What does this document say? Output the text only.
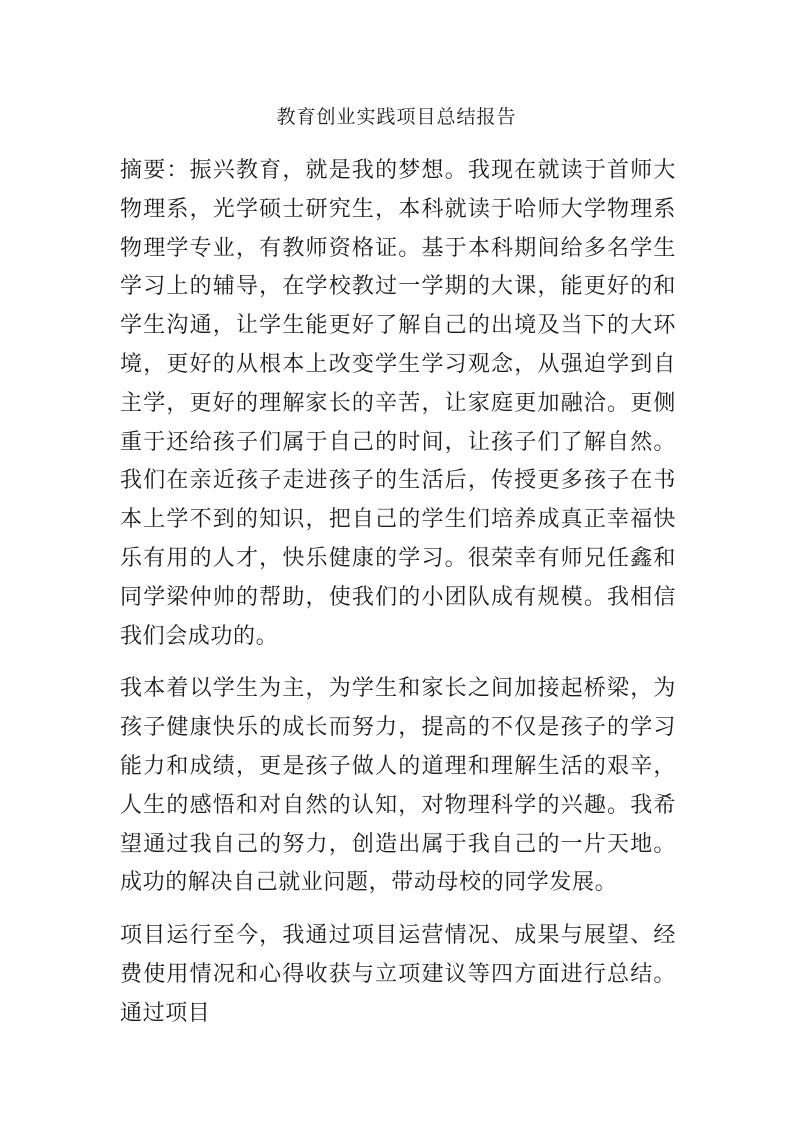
教育创业实践项目总结报告

摘要：振兴教育，就是我的梦想。我现在就读于首师大物理系，光学硕士研究生，本科就读于哈师大学物理系物理学专业，有教师资格证。基于本科期间给多名学生学习上的辅导，在学校教过一学期的大课，能更好的和学生沟通，让学生能更好了解自己的出境及当下的大环境，更好的从根本上改变学生学习观念，从强迫学到自主学，更好的理解家长的辛苦，让家庭更加融洽。更侧重于还给孩子们属于自己的时间，让孩子们了解自然。我们在亲近孩子走进孩子的生活后，传授更多孩子在书本上学不到的知识，把自己的学生们培养成真正幸福快乐有用的人才，快乐健康的学习。很荣幸有师兄任鑫和同学梁仲帅的帮助，使我们的小团队成有规模。我相信我们会成功的。

我本着以学生为主，为学生和家长之间加接起桥梁，为孩子健康快乐的成长而努力，提高的不仅是孩子的学习能力和成绩，更是孩子做人的道理和理解生活的艰辛，人生的感悟和对自然的认知，对物理科学的兴趣。我希望通过我自己的努力，创造出属于我自己的一片天地。成功的解决自己就业问题，带动母校的同学发展。

项目运行至今，我通过项目运营情况、成果与展望、经费使用情况和心得收获与立项建议等四方面进行总结。通过项目
